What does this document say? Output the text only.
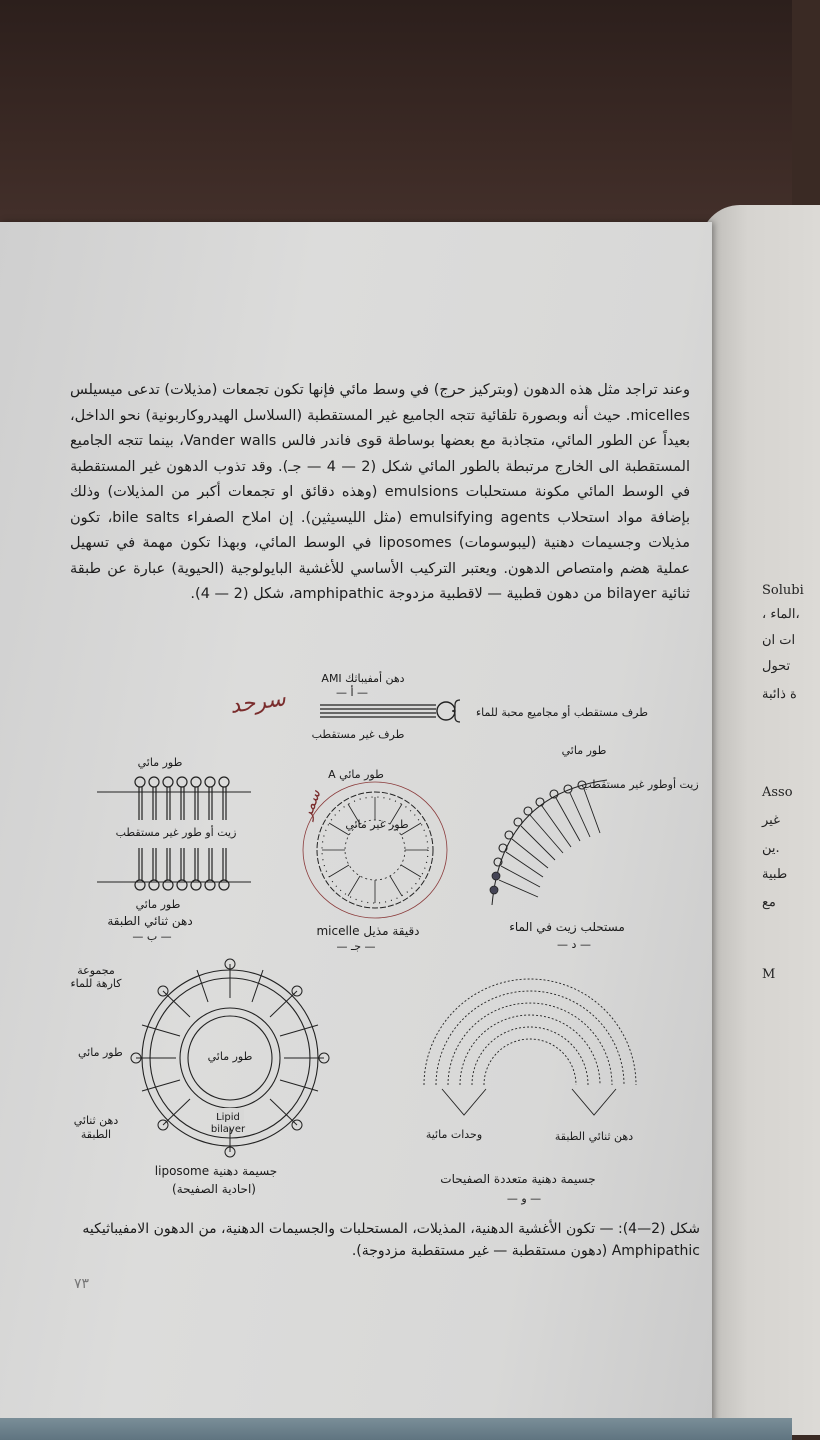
Solubi
، الماء،
ات ان
تحول
ة ذائبة
Asso
غير
ين.
طبية
مع
M

وعند تراجد مثل هذه الدهون (وبتركيز حرج) في وسط مائي فإنها تكون تجمعات (مذيلات) تدعى ميسيلس micelles. حيث أنه وبصورة تلقائية تتجه الجاميع غير المستقطبة (السلاسل الهيدروكاربونية) نحو الداخل، بعيداً عن الطور المائي، متجاذبة مع بعضها بوساطة قوى فاندر فالس Vander walls، بينما تتجه الجاميع المستقطبة الى الخارج مرتبطة بالطور المائي شكل (2 — 4 — جـ). وقد تذوب الدهون غير المستقطبة في الوسط المائي مكونة مستحلبات emulsions (وهذه دقائق او تجمعات أكبر من المذيلات) وذلك بإضافة مواد استحلاب emulsifying agents (مثل الليسيثين). إن املاح الصفراء bile salts، تكون مذيلات وجسيمات دهنية (ليبوسومات) liposomes في الوسط المائي، وبهذا تكون مهمة في تسهيل عملية هضم وامتصاص الدهون. ويعتبر التركيب الأساسي للأغشية البايولوجية (الحيوية) عبارة عن طبقة ثنائية bilayer من دهون قطبية — لاقطبية مزدوجة amphipathic، شكل (2 — 4).

دهن أمفيباثك AMI
— أ —
طرف مستقطب أو مجاميع محبة للماء
طرف غير مستقطب
ﺳﺮﺣﺪ
ﺳﻤﺮ
طور مائي
زيت أو طور غير مستقطب
طور مائي
دهن ثنائي الطبقة
— ب —
طور مائي A
طور غير مائي
دقيقة مذيل micelle
— جـ —
طور مائي
زيت أوطور غير مستقطب
مستحلب زيت في الماء
— د —
مجموعة كارهة للماء
طور مائي	طور مائي
دهن ثنائي الطبقة
Lipid bilayer
جسيمة دهنية liposome
(احادية الصفيحة)
وحدات مائية	دهن ثنائي الطبقة
جسيمة دهنية متعددة الصفيحات
— و —
شكل (2—4): — تكون الأغشية الدهنية، المذيلات، المستحلبات والجسيمات الدهنية، من الدهون الامفيباثيكيه
Amphipathic (دهون مستقطبة — غير مستقطبة مزدوجة).
٧٣
